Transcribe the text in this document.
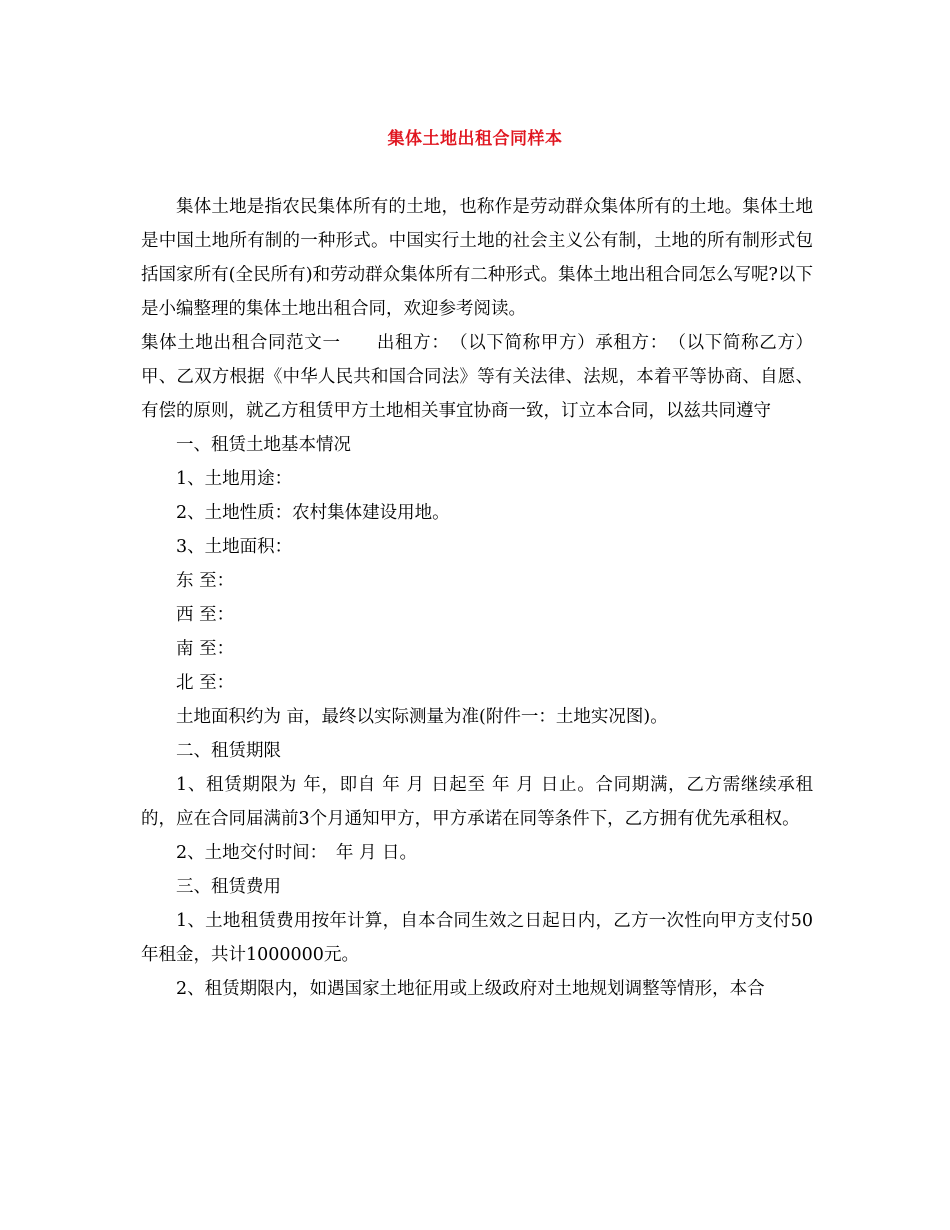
集体土地出租合同样本

集体土地是指农民集体所有的土地，也称作是劳动群众集体所有的土地。集体土地是中国土地所有制的一种形式。中国实行土地的社会主义公有制，土地的所有制形式包括国家所有(全民所有)和劳动群众集体所有二种形式。集体土地出租合同怎么写呢?以下是小编整理的集体土地出租合同，欢迎参考阅读。

集体土地出租合同范文一　　出租方：　（以下简称甲方）承租方：　（以下简称乙方）甲、乙双方根据《中华人民共和国合同法》等有关法律、法规，本着平等协商、自愿、有偿的原则，就乙方租赁甲方土地相关事宜协商一致，订立本合同，以兹共同遵守

一、租赁土地基本情况

1、土地用途：

2、土地性质：农村集体建设用地。

3、土地面积：

东 至：

西 至：

南 至：

北 至：

土地面积约为 亩，最终以实际测量为准(附件一：土地实况图)。

二、租赁期限

1、租赁期限为 年，即自 年 月 日起至 年 月 日止。合同期满，乙方需继续承租的，应在合同届满前3个月通知甲方，甲方承诺在同等条件下，乙方拥有优先承租权。

2、土地交付时间：　年 月 日。

三、租赁费用

1、土地租赁费用按年计算，自本合同生效之日起日内，乙方一次性向甲方支付50年租金，共计1000000元。

2、租赁期限内，如遇国家土地征用或上级政府对土地规划调整等情形，本合
